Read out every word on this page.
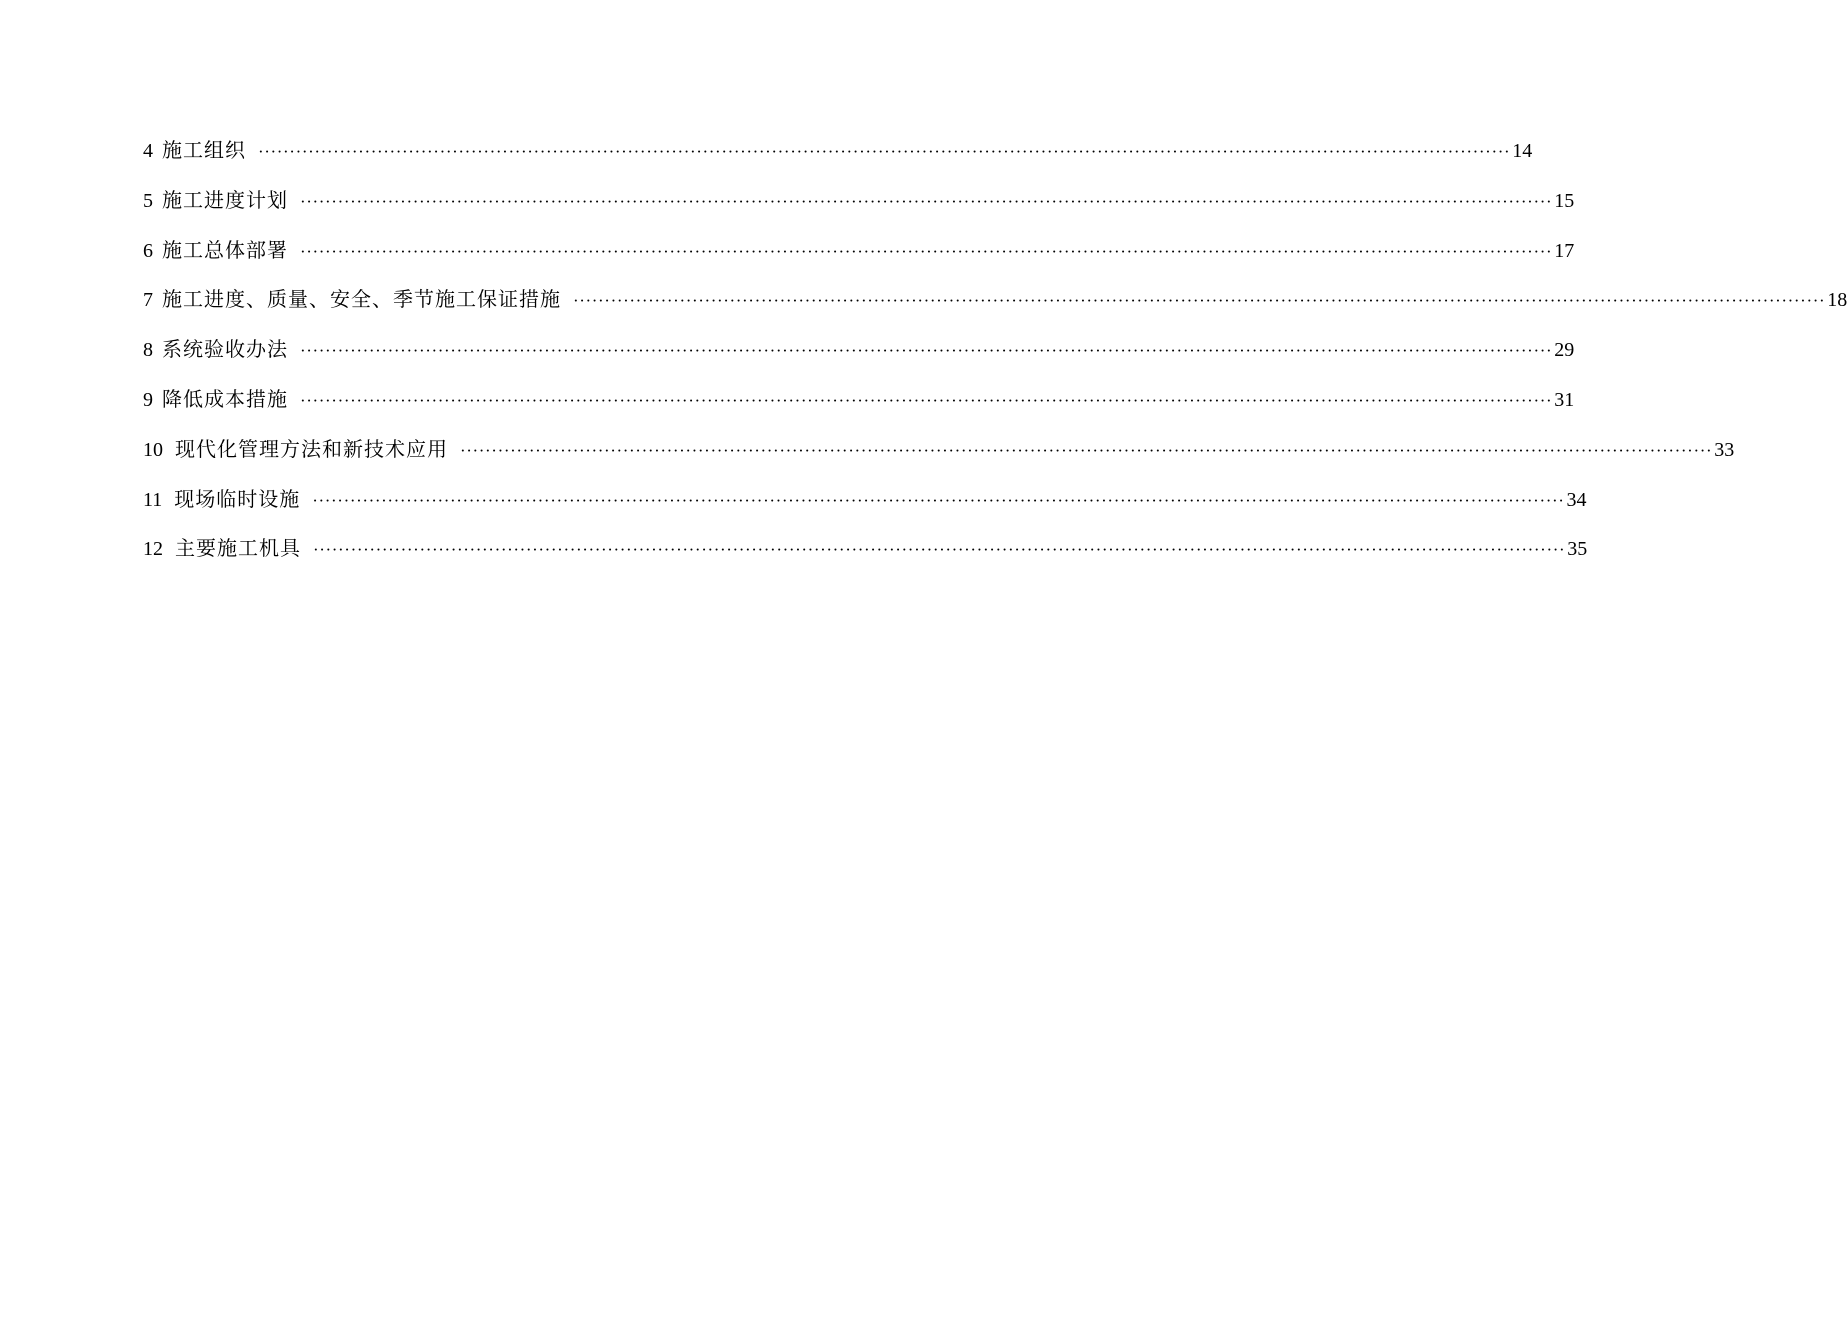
4 施工组织 ········································································································································································································ 14
5 施工进度计划 ········································································································································································································ 15
6 施工总体部署 ········································································································································································································ 17
7 施工进度、质量、安全、季节施工保证措施 ········································································································································································································ 18
8 系统验收办法 ········································································································································································································ 29
9 降低成本措施 ········································································································································································································ 31
10 现代化管理方法和新技术应用 ········································································································································································································ 33
11 现场临时设施 ········································································································································································································ 34
12 主要施工机具 ········································································································································································································ 35
